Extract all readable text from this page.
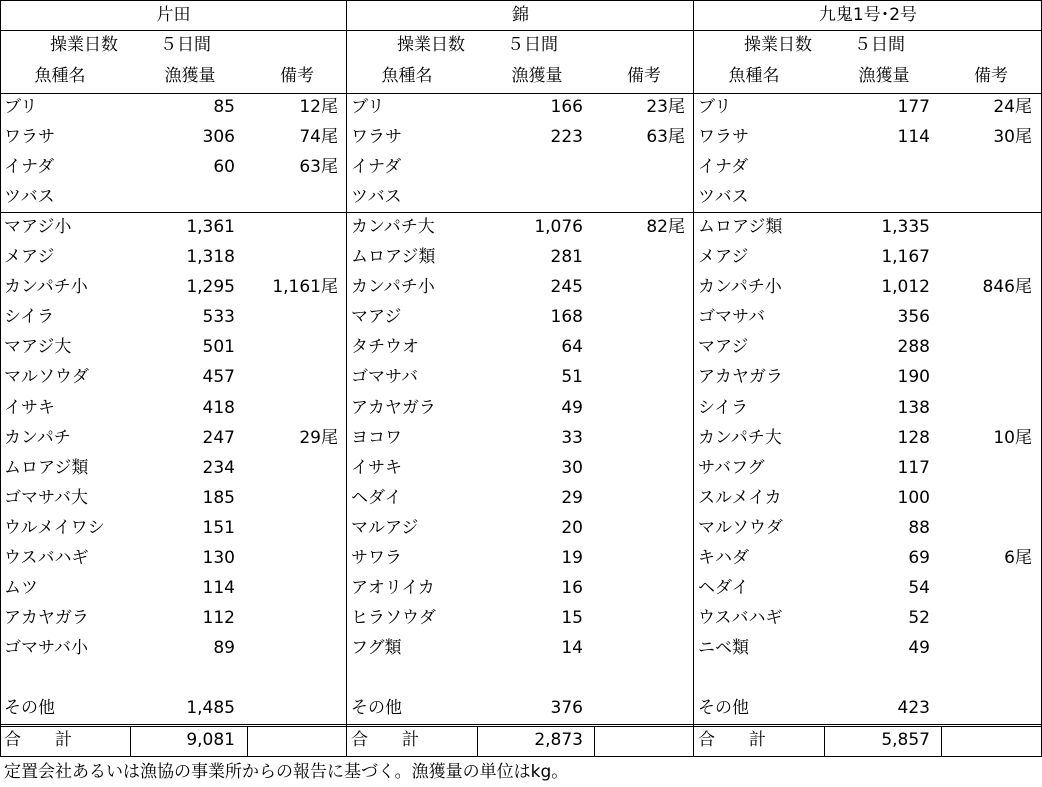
片田
操業日数 ５日間
魚種名	漁獲量	備考
ブリ	85	12尾
ワラサ	306	74尾
イナダ	60	63尾
ツバス
マアジ小	1,361
メアジ	1,318
カンパチ小	1,295	1,161尾
シイラ	533
マアジ大	501
マルソウダ	457
イサキ	418
カンパチ	247	29尾
ムロアジ類	234
ゴマサバ大	185
ウルメイワシ	151
ウスバハギ	130
ムツ	114
アカヤガラ	112
ゴマサバ小	89
その他	1,485
合　　計	9,081
錦
操業日数 ５日間
魚種名	漁獲量	備考
ブリ	166	23尾
ワラサ	223	63尾
イナダ
ツバス
カンパチ大	1,076	82尾
ムロアジ類	281
カンパチ小	245
マアジ	168
タチウオ	64
ゴマサバ	51
アカヤガラ	49
ヨコワ	33
イサキ	30
ヘダイ	29
マルアジ	20
サワラ	19
アオリイカ	16
ヒラソウダ	15
フグ類	14
その他	376
合　　計	2,873
九鬼1号･2号
操業日数 ５日間
魚種名	漁獲量	備考
ブリ	177	24尾
ワラサ	114	30尾
イナダ
ツバス
ムロアジ類	1,335
メアジ	1,167
カンパチ小	1,012	846尾
ゴマサバ	356
マアジ	288
アカヤガラ	190
シイラ	138
カンパチ大	128	10尾
サバフグ	117
スルメイカ	100
マルソウダ	88
キハダ	69	6尾
ヘダイ	54
ウスバハギ	52
ニベ類	49
その他	423
合　　計	5,857
定置会社あるいは漁協の事業所からの報告に基づく。漁獲量の単位はkg。
